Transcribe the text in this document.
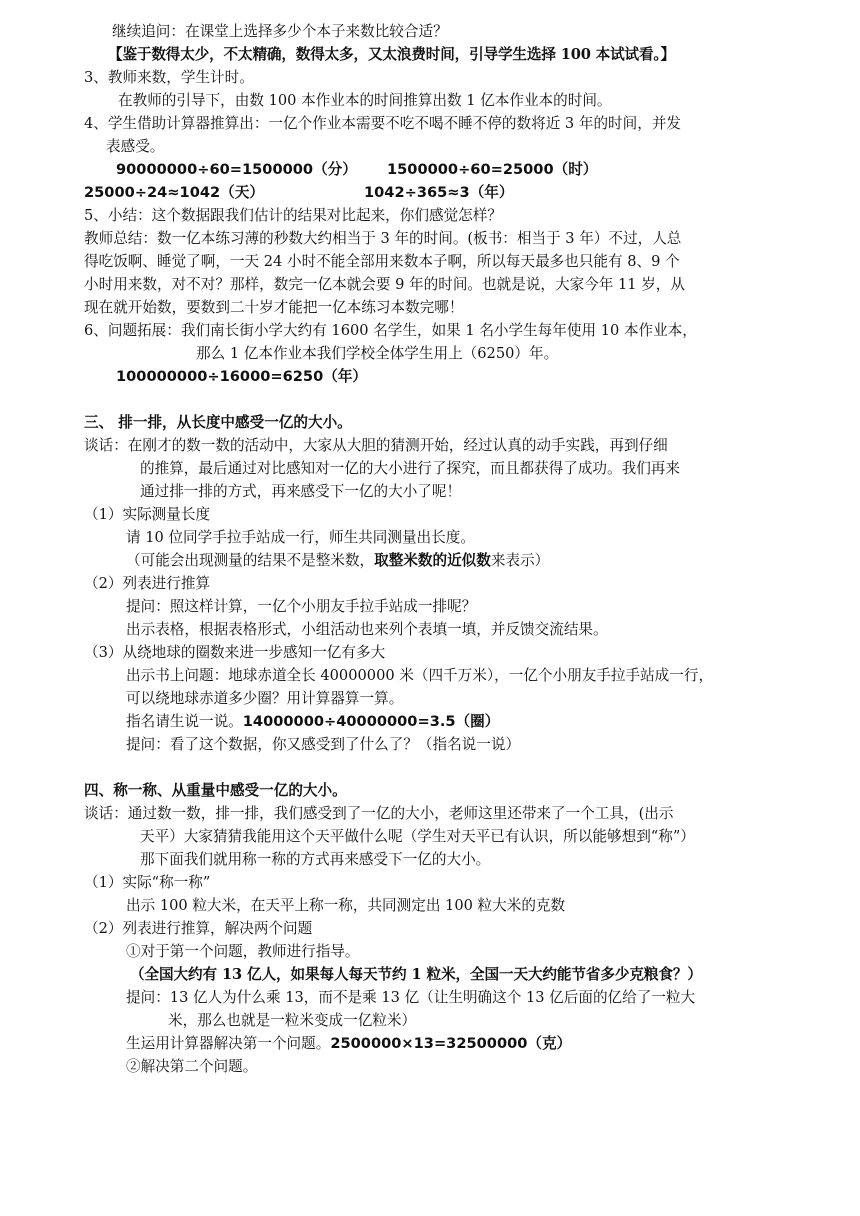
继续追问：在课堂上选择多少个本子来数比较合适？
【鉴于数得太少，不太精确，数得太多，又太浪费时间，引导学生选择 100 本试试看。】
3、教师来数，学生计时。
在教师的引导下，由数 100 本作业本的时间推算出数 1 亿本作业本的时间。
4、学生借助计算器推算出：一亿个作业本需要不吃不喝不睡不停的数将近 3 年的时间，并发
表感受。
90000000÷60=1500000（分） 1500000÷60=25000（时）
25000÷24≈1042（天）	1042÷365≈3（年）
5、小结：这个数据跟我们估计的结果对比起来，你们感觉怎样？
教师总结：数一亿本练习薄的秒数大约相当于 3 年的时间。(板书：相当于 3 年）不过，人总
得吃饭啊、睡觉了啊，一天 24 小时不能全部用来数本子啊，所以每天最多也只能有 8、9 个
小时用来数，对不对？那样，数完一亿本就会要 9 年的时间。也就是说，大家今年 11 岁，从
现在就开始数，要数到二十岁才能把一亿本练习本数完哪！
6、问题拓展：我们南长街小学大约有 1600 名学生，如果 1 名小学生每年使用 10 本作业本，
那么 1 亿本作业本我们学校全体学生用上（6250）年。
100000000÷16000=6250（年）
三、 排一排，从长度中感受一亿的大小。
谈话：在刚才的数一数的活动中，大家从大胆的猜测开始，经过认真的动手实践，再到仔细
的推算，最后通过对比感知对一亿的大小进行了探究，而且都获得了成功。我们再来
通过排一排的方式，再来感受下一亿的大小了呢！
（1）实际测量长度
请 10 位同学手拉手站成一行，师生共同测量出长度。
（可能会出现测量的结果不是整米数，取整米数的近似数来表示）
（2）列表进行推算
提问：照这样计算，一亿个小朋友手拉手站成一排呢？
出示表格，根据表格形式，小组活动也来列个表填一填，并反馈交流结果。
（3）从绕地球的圈数来进一步感知一亿有多大
出示书上问题：地球赤道全长 40000000 米（四千万米），一亿个小朋友手拉手站成一行，
可以绕地球赤道多少圈？用计算器算一算。
指名请生说一说。14000000÷40000000=3.5（圈）
提问：看了这个数据，你又感受到了什么了？（指名说一说）
四、称一称、从重量中感受一亿的大小。
谈话：通过数一数，排一排，我们感受到了一亿的大小，老师这里还带来了一个工具，(出示
天平）大家猜猜我能用这个天平做什么呢（学生对天平已有认识，所以能够想到“称”）
那下面我们就用称一称的方式再来感受下一亿的大小。
（1）实际“称一称”
出示 100 粒大米，在天平上称一称，共同测定出 100 粒大米的克数
（2）列表进行推算，解决两个问题
①对于第一个问题，教师进行指导。
（全国大约有 13 亿人，如果每人每天节约 1 粒米，全国一天大约能节省多少克粮食？）
提问：13 亿人为什么乘 13，而不是乘 13 亿（让生明确这个 13 亿后面的亿给了一粒大
米，那么也就是一粒米变成一亿粒米）
生运用计算器解决第一个问题。2500000×13=32500000（克）
②解决第二个问题。
